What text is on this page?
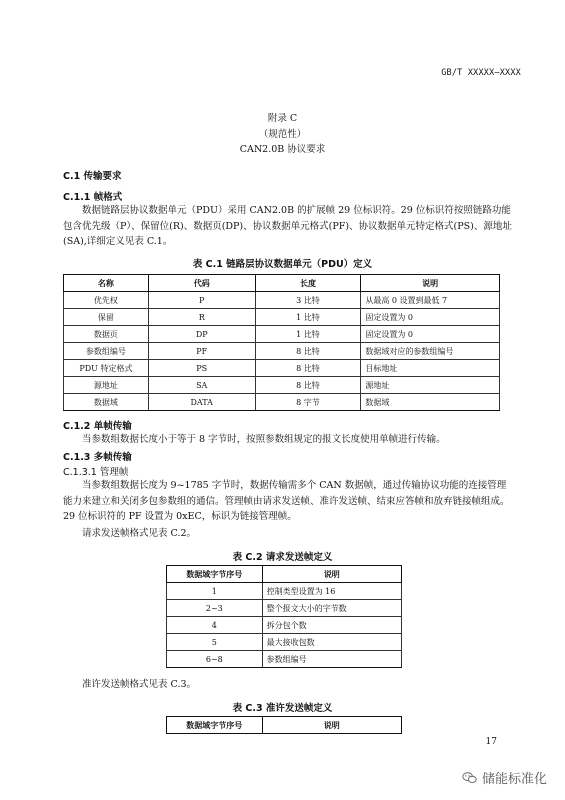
GB/T XXXXX—XXXX
附录 C
（规范性）
CAN2.0B 协议要求
C.1 传输要求
C.1.1 帧格式
数据链路层协议数据单元（PDU）采用 CAN2.0B 的扩展帧 29 位标识符。29 位标识符按照链路功能包含优先级（P）、保留位(R)、数据页(DP)、协议数据单元格式(PF)、协议数据单元特定格式(PS)、源地址(SA),详细定义见表 C.1。
表 C.1 链路层协议数据单元（PDU）定义
名称	代码	长度	说明
优先权	P	3 比特	从最高 0 设置到最低 7
保留	R	1 比特	固定设置为 0
数据页	DP	1 比特	固定设置为 0
参数组编号	PF	8 比特	数据域对应的参数组编号
PDU 特定格式	PS	8 比特	目标地址
源地址	SA	8 比特	源地址
数据域	DATA	8 字节	数据域
C.1.2 单帧传输
当参数组数据长度小于等于 8 字节时，按照参数组规定的报文长度使用单帧进行传输。
C.1.3 多帧传输
C.1.3.1 管理帧
当参数组数据长度为 9~1785 字节时，数据传输需多个 CAN 数据帧，通过传输协议功能的连接管理能力来建立和关闭多包参数组的通信。管理帧由请求发送帧、准许发送帧、结束应答帧和放弃链接帧组成。29 位标识符的 PF 设置为 0xEC，标识为链接管理帧。
请求发送帧格式见表 C.2。
表 C.2 请求发送帧定义
数据域字节序号	说明
1	控制类型设置为 16
2~3	整个报文大小的字节数
4	拆分包个数
5	最大接收包数
6~8	参数组编号
准许发送帧格式见表 C.3。
表 C.3 准许发送帧定义
数据域字节序号	说明
17
储能标准化
